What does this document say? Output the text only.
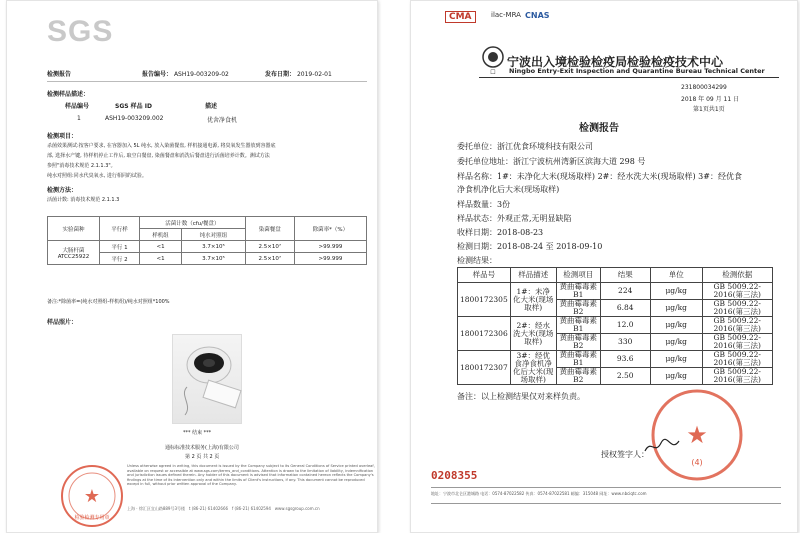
SGS
检测报告	报告编号： ASH19-003209-02	发布日期： 2019-02-01
检测样品描述：
样品编号	SGS 样品 ID	描述
1	ASH19-003209.002	优舍净食机
检测项目：
杀菌效果测试:按客户要求, 在容器加入 5L 纯水, 放入染菌餐盘, 样机接通电源, 将臭氧发生器放到容器底
部, 选择水产键, 待样机停止工作后, 取空白餐盘, 染菌餐盘和消洗后餐盘进行活菌培养计数。测试方法
参照"消毒技术规范 2.1.1.3"。
纯水对照组:同水代臭氧水, 进行相同的试验。
检测方法：
活菌计数: 消毒技术规范 2.1.1.3
实验菌种	平行样	活菌计数（cfu/餐盘）		染菌餐盘	除菌率*（%）
		样机组	纯水对照组		
大肠杆菌 ATCC25922	平行 1	<1	3.7×10⁵	2.5×10⁷	>99.999
	平行 2	<1	3.7×10⁵	2.5×10⁷	>99.999
备注:*除菌率=(纯水对照组-样机组)/纯水对照组*100%
样品照片：
*** 结束 ***
通标标准技术服务(上海)有限公司
第 2 页 共 2 页
Unless otherwise agreed in writing, this document is issued by the Company subject to its General Conditions of Service printed overleaf, available on request or accessible at www.sgs.com/terms_and_conditions. Attention is drawn to the limitation of liability, indemnification and jurisdiction issues defined therein. Any holder of this document is advised that information contained hereon reflects the Company's findings at the time of its intervention only and within the limits of Client's instructions, if any. This document cannot be reproduced except in full, without prior written approval of the Company.
★
检验检测专用章
上海 · 徐汇区宜山路889号3号楼 t (86-21) 61402666 f (86-21) 61402594 www.sgsgroup.com.cn
CMA	ilac-MRA CNAS
☐
宁波出入境检验检疫局检验检疫技术中心
Ningbo Entry-Exit Inspection and Quarantine Bureau Technical Center
231800034299
2018 年 09 月 11 日
第1页共1页
检测报告
委托单位：浙江优食环境科技有限公司
委托单位地址：浙江宁波杭州湾新区滨海大道 298 号
样品名称：1#：未净化大米(现场取样) 2#：经水洗大米(现场取样) 3#：经优食
净食机净化后大米(现场取样)
样品数量：3份
样品状态：外观正常,无明显缺陷
收样日期：2018-08-23
检测日期：2018-08-24 至 2018-09-10
检测结果：
样品号	样品描述	检测项目	结果	单位	检测依据
1800172305	1#：未净化大米(现场取样)	黄曲霉毒素 B1	224	μg/kg	GB 5009.22-2016(第三法)
		黄曲霉毒素 B2	6.84	μg/kg	GB 5009.22-2016(第三法)
1800172306	2#：经水洗大米(现场取样)	黄曲霉毒素 B1	12.0	μg/kg	GB 5009.22-2016(第三法)
		黄曲霉毒素 B2	330	μg/kg	GB 5009.22-2016(第三法)
1800172307	3#：经优食净食机净化后大米(现场取样)	黄曲霉毒素 B1	93.6	μg/kg	GB 5009.22-2016(第三法)
		黄曲霉毒素 B2	2.50	μg/kg	GB 5009.22-2016(第三法)
备注：以上检测结果仅对来样负责。
★
(4)
授权签字人：
0208355
地址：宁波市北仑区港城路 电话：0574-87022582 传真：0574-87022581 邮编：315048 网址：www.nbciqtc.com
